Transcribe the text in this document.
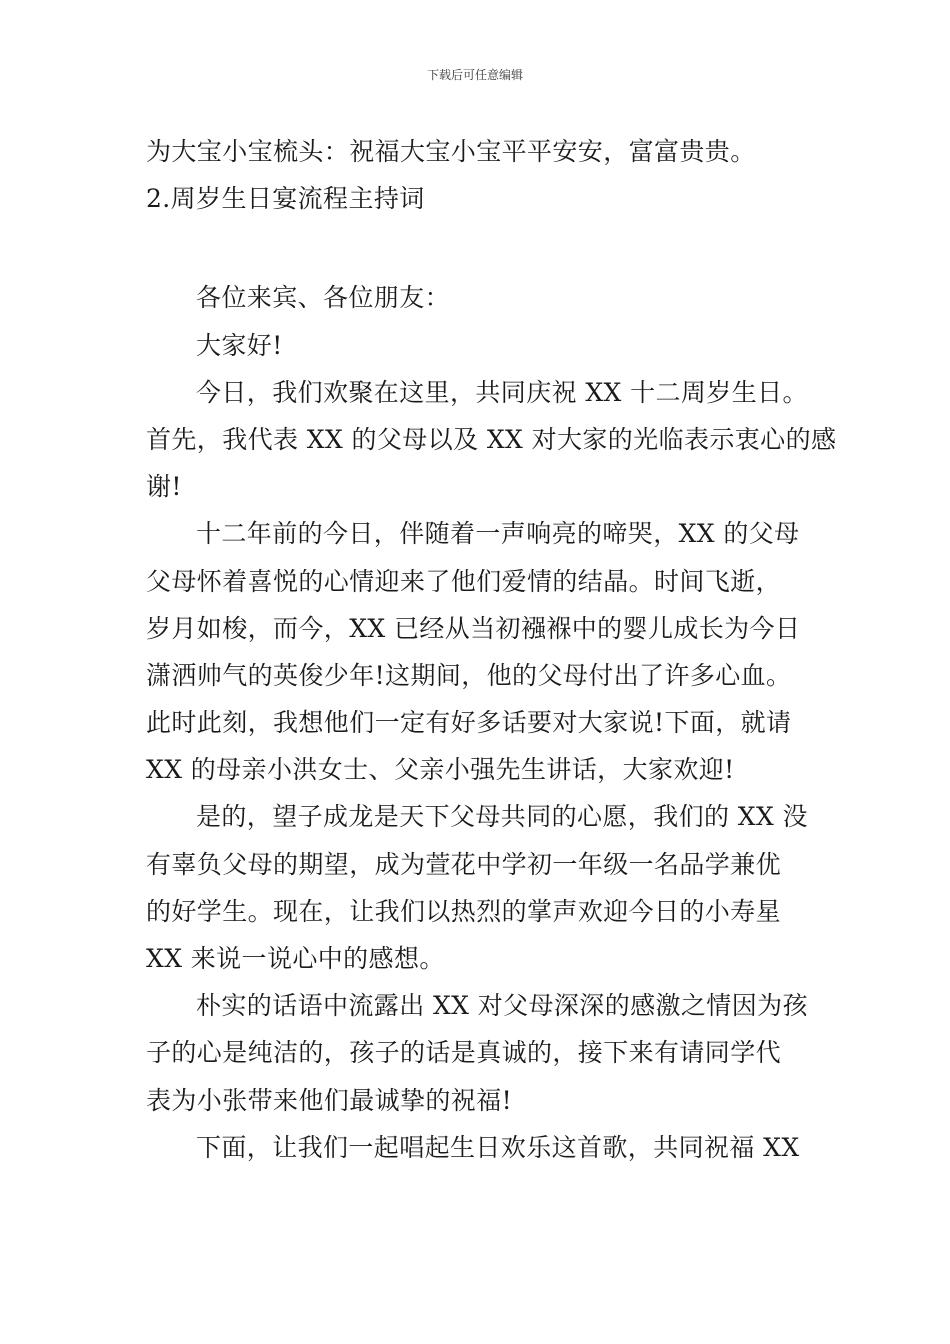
下载后可任意编辑
为大宝小宝梳头：祝福大宝小宝平平安安，富富贵贵。
2.周岁生日宴流程主持词
各位来宾、各位朋友：
大家好!
今日，我们欢聚在这里，共同庆祝 XX 十二周岁生日。
首先，我代表 XX 的父母以及 XX 对大家的光临表示衷心的感
谢!
十二年前的今日，伴随着一声响亮的啼哭，XX 的父母
父母怀着喜悦的心情迎来了他们爱情的结晶。时间飞逝，
岁月如梭，而今，XX 已经从当初襁褓中的婴儿成长为今日
潇洒帅气的英俊少年!这期间，他的父母付出了许多心血。
此时此刻，我想他们一定有好多话要对大家说!下面，就请
XX 的母亲小洪女士、父亲小强先生讲话，大家欢迎!
是的，望子成龙是天下父母共同的心愿，我们的 XX 没
有辜负父母的期望，成为萱花中学初一年级一名品学兼优
的好学生。现在，让我们以热烈的掌声欢迎今日的小寿星
XX 来说一说心中的感想。
朴实的话语中流露出 XX 对父母深深的感激之情因为孩
子的心是纯洁的，孩子的话是真诚的，接下来有请同学代
表为小张带来他们最诚挚的祝福!
下面，让我们一起唱起生日欢乐这首歌，共同祝福 XX
